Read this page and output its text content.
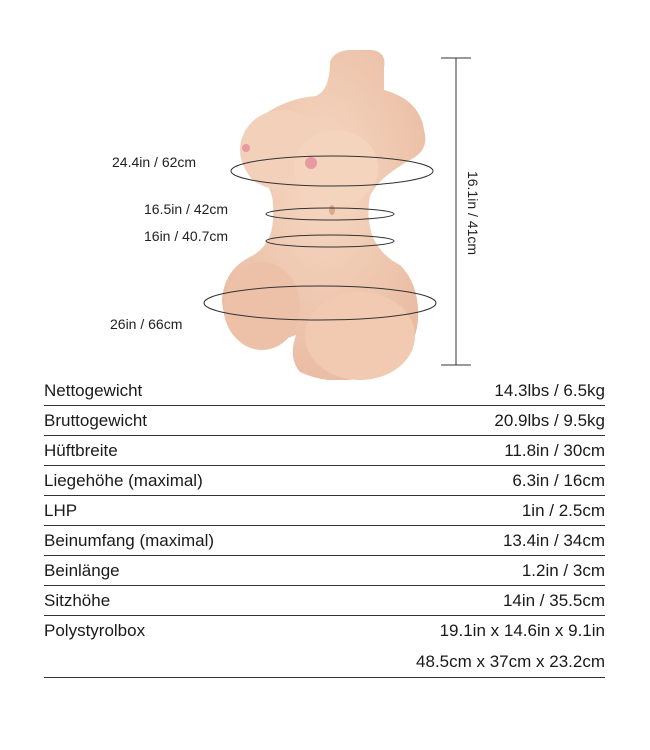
24.4in / 62cm
16.5in / 42cm
16in / 40.7cm
26in / 66cm
16.1in / 41cm
Nettogewicht	14.3lbs / 6.5kg
Bruttogewicht	20.9lbs / 9.5kg
Hüftbreite	11.8in / 30cm
Liegehöhe (maximal)	6.3in / 16cm
LHP	1in / 2.5cm
Beinumfang (maximal)	13.4in / 34cm
Beinlänge	1.2in / 3cm
Sitzhöhe	14in / 35.5cm
Polystyrolbox	19.1in x 14.6in x 9.1in
48.5cm x 37cm x 23.2cm
